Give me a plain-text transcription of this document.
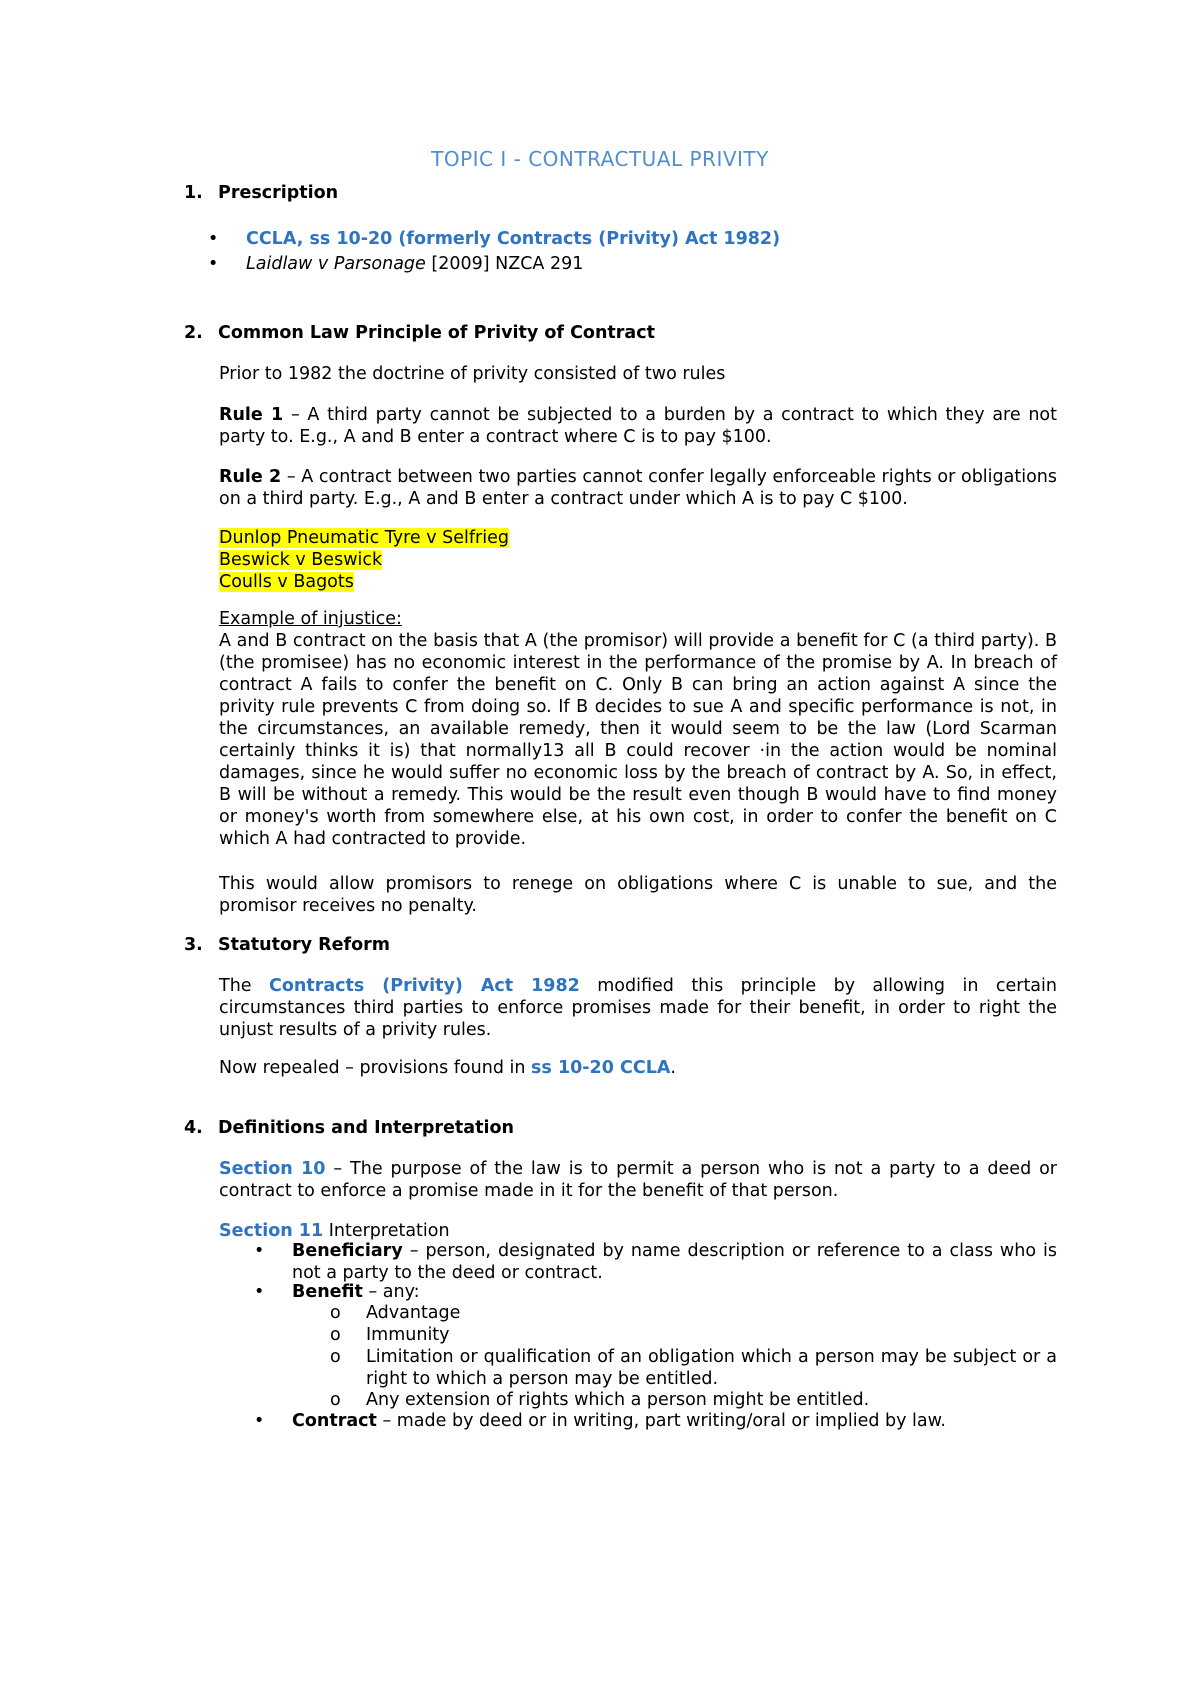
TOPIC I - CONTRACTUAL PRIVITY
1. Prescription
• CCLA, ss 10-20 (formerly Contracts (Privity) Act 1982)
• Laidlaw v Parsonage [2009] NZCA 291
2. Common Law Principle of Privity of Contract
Prior to 1982 the doctrine of privity consisted of two rules
Rule 1 – A third party cannot be subjected to a burden by a contract to which they are not party to. E.g., A and B enter a contract where C is to pay $100.
Rule 2 – A contract between two parties cannot confer legally enforceable rights or obligations on a third party. E.g., A and B enter a contract under which A is to pay C $100.
Dunlop Pneumatic Tyre v Selfrieg
Beswick v Beswick
Coulls v Bagots
Example of injustice:
A and B contract on the basis that A (the promisor) will provide a benefit for C (a third party). B (the promisee) has no economic interest in the performance of the promise by A. In breach of contract A fails to confer the benefit on C. Only B can bring an action against A since the privity rule prevents C from doing so. If B decides to sue A and specific performance is not, in the circumstances, an available remedy, then it would seem to be the law (Lord Scarman certainly thinks it is) that normally13 all B could recover ·in the action would be nominal damages, since he would suffer no economic loss by the breach of contract by A. So, in effect, B will be without a remedy. This would be the result even though B would have to find money or money's worth from somewhere else, at his own cost, in order to confer the benefit on C which A had contracted to provide.
This would allow promisors to renege on obligations where C is unable to sue, and the promisor receives no penalty.
3. Statutory Reform
The Contracts (Privity) Act 1982 modified this principle by allowing in certain circumstances third parties to enforce promises made for their benefit, in order to right the unjust results of a privity rules.
Now repealed – provisions found in ss 10-20 CCLA.
4. Definitions and Interpretation
Section 10 – The purpose of the law is to permit a person who is not a party to a deed or contract to enforce a promise made in it for the benefit of that person.
Section 11 Interpretation
• Beneficiary – person, designated by name description or reference to a class who is not a party to the deed or contract.
• Benefit – any:
o Advantage
o Immunity
o Limitation or qualification of an obligation which a person may be subject or a right to which a person may be entitled.
o Any extension of rights which a person might be entitled.
• Contract – made by deed or in writing, part writing/oral or implied by law.
